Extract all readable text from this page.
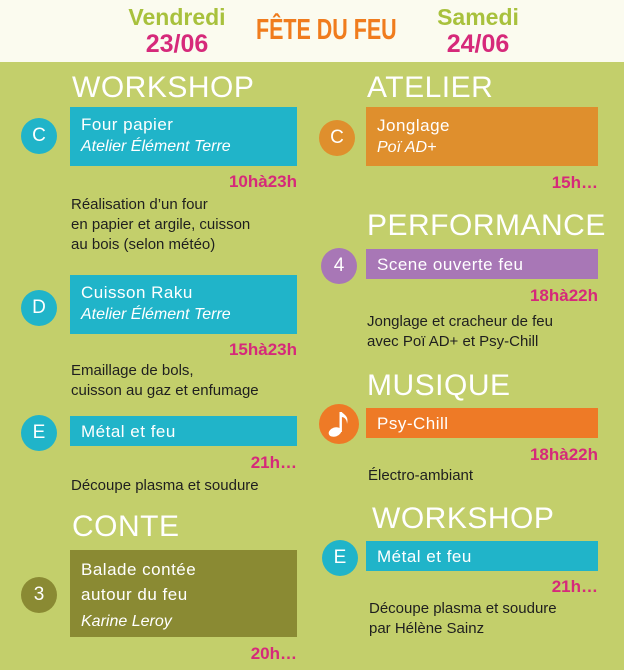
Vendredi
23/06	FÊTE DU FEU	Samedi
24/06
WORKSHOP
C
Four papier
Atelier Élément Terre
10hà23h
Réalisation d’un four
en papier et argile, cuisson
au bois (selon météo)
D
Cuisson Raku
Atelier Élément Terre
15hà23h
Emaillage de bols,
cuisson au gaz et enfumage
E	Métal et feu
21h…
Découpe plasma et soudure
CONTE
3
Balade contée
autour du feu
Karine Leroy
20h…
ATELIER
C
Jonglage
Poï AD+
15h…
PERFORMANCE
4	Scene ouverte feu
18hà22h
Jonglage et cracheur de feu
avec Poï AD+ et Psy-Chill
MUSIQUE
Psy-Chill
18hà22h
Électro-ambiant
WORKSHOP
E	Métal et feu
21h…
Découpe plasma et soudure
par Hélène Sainz
